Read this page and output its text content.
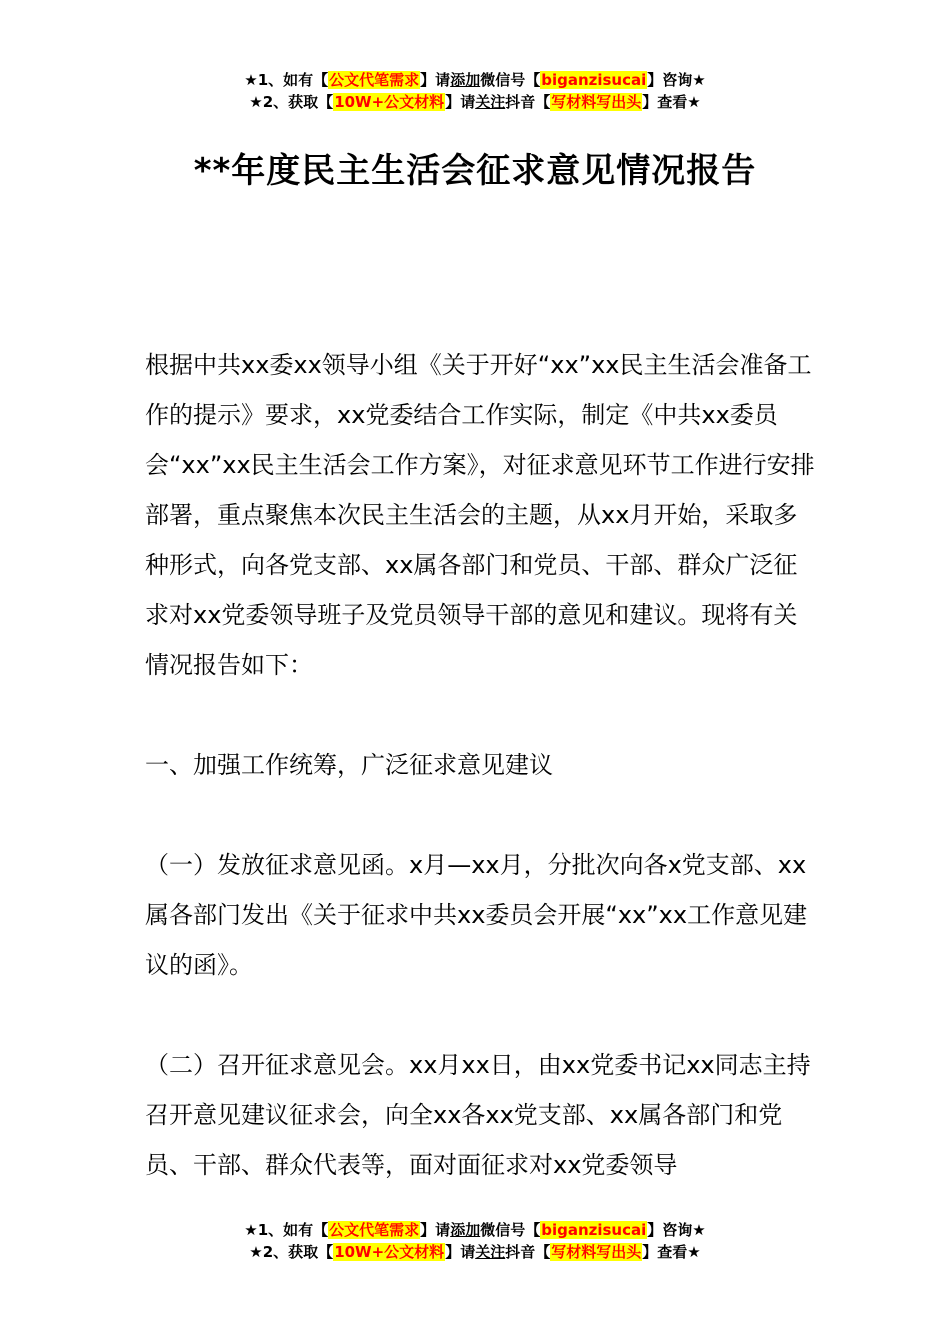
★1、如有【公文代笔需求】请添加微信号【biganzisucai】咨询★
★2、获取【10W+公文材料】请关注抖音【写材料写出头】查看★
**年度民主生活会征求意见情况报告

根据中共xx委xx领导小组《关于开好“xx”xx民主生活会准备工作的提示》要求，xx党委结合工作实际，制定《中共xx委员会“xx”xx民主生活会工作方案》，对征求意见环节工作进行安排部署，重点聚焦本次民主生活会的主题，从xx月开始，采取多种形式，向各党支部、xx属各部门和党员、干部、群众广泛征求对xx党委领导班子及党员领导干部的意见和建议。现将有关情况报告如下：

一、加强工作统筹，广泛征求意见建议

（一）发放征求意见函。x月—xx月，分批次向各x党支部、xx属各部门发出《关于征求中共xx委员会开展“xx”xx工作意见建议的函》。

（二）召开征求意见会。xx月xx日，由xx党委书记xx同志主持召开意见建议征求会，向全xx各xx党支部、xx属各部门和党员、干部、群众代表等，面对面征求对xx党委领导

★1、如有【公文代笔需求】请添加微信号【biganzisucai】咨询★
★2、获取【10W+公文材料】请关注抖音【写材料写出头】查看★
